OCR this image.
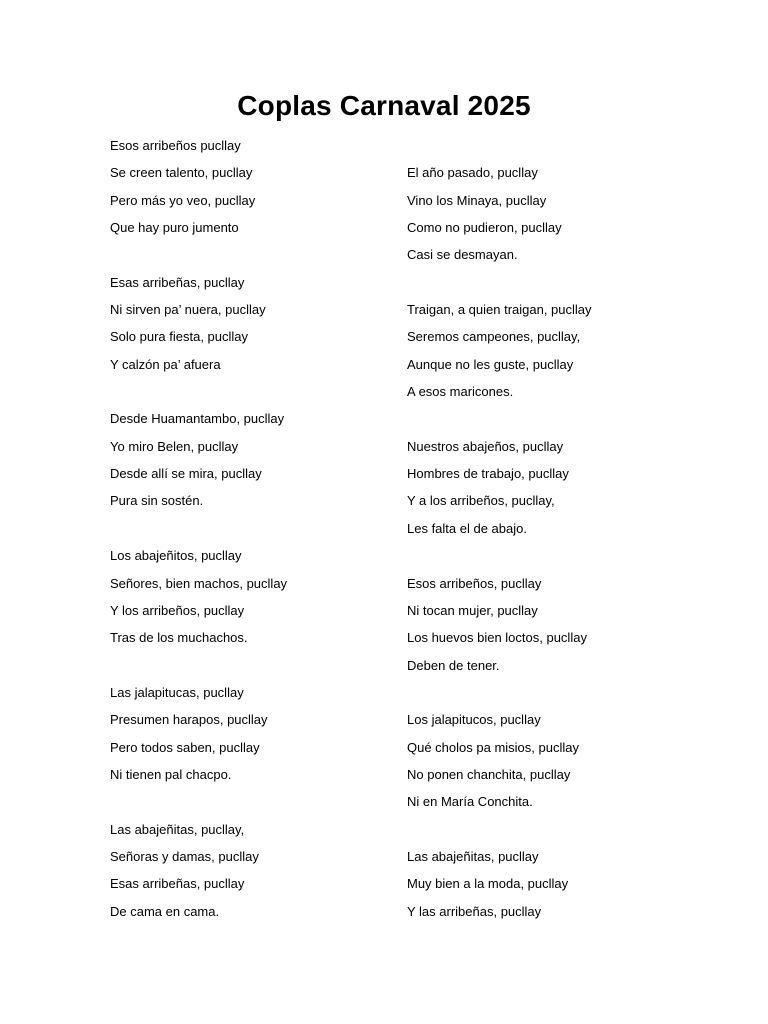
Coplas Carnaval 2025
Esos arribeños pucllay
Se creen talento, pucllay
Pero más yo veo, pucllay
Que hay puro jumento
Esas arribeñas, pucllay
Ni sirven pa’ nuera, pucllay
Solo pura fiesta, pucllay
Y calzón pa’ afuera
Desde Huamantambo, pucllay
Yo miro Belen, pucllay
Desde allí se mira, pucllay
Pura sin sostén.
Los abajeñitos, pucllay
Señores, bien machos, pucllay
Y los arribeños, pucllay
Tras de los muchachos.
Las jalapitucas, pucllay
Presumen harapos, pucllay
Pero todos saben, pucllay
Ni tienen pal chacpo.
Las abajeñitas, pucllay,
Señoras y damas, pucllay
Esas arribeñas, pucllay
De cama en cama.
El año pasado, pucllay
Vino los Minaya, pucllay
Como no pudieron, pucllay
Casi se desmayan.
Traigan, a quien traigan, pucllay
Seremos campeones, pucllay,
Aunque no les guste, pucllay
A esos maricones.
Nuestros abajeños, pucllay
Hombres de trabajo, pucllay
Y a los arribeños, pucllay,
Les falta el de abajo.
Esos arribeños, pucllay
Ni tocan mujer, pucllay
Los huevos bien loctos, pucllay
Deben de tener.
Los jalapitucos, pucllay
Qué cholos pa misios, pucllay
No ponen chanchita, pucllay
Ni en María Conchita.
Las abajeñitas, pucllay
Muy bien a la moda, pucllay
Y las arribeñas, pucllay
